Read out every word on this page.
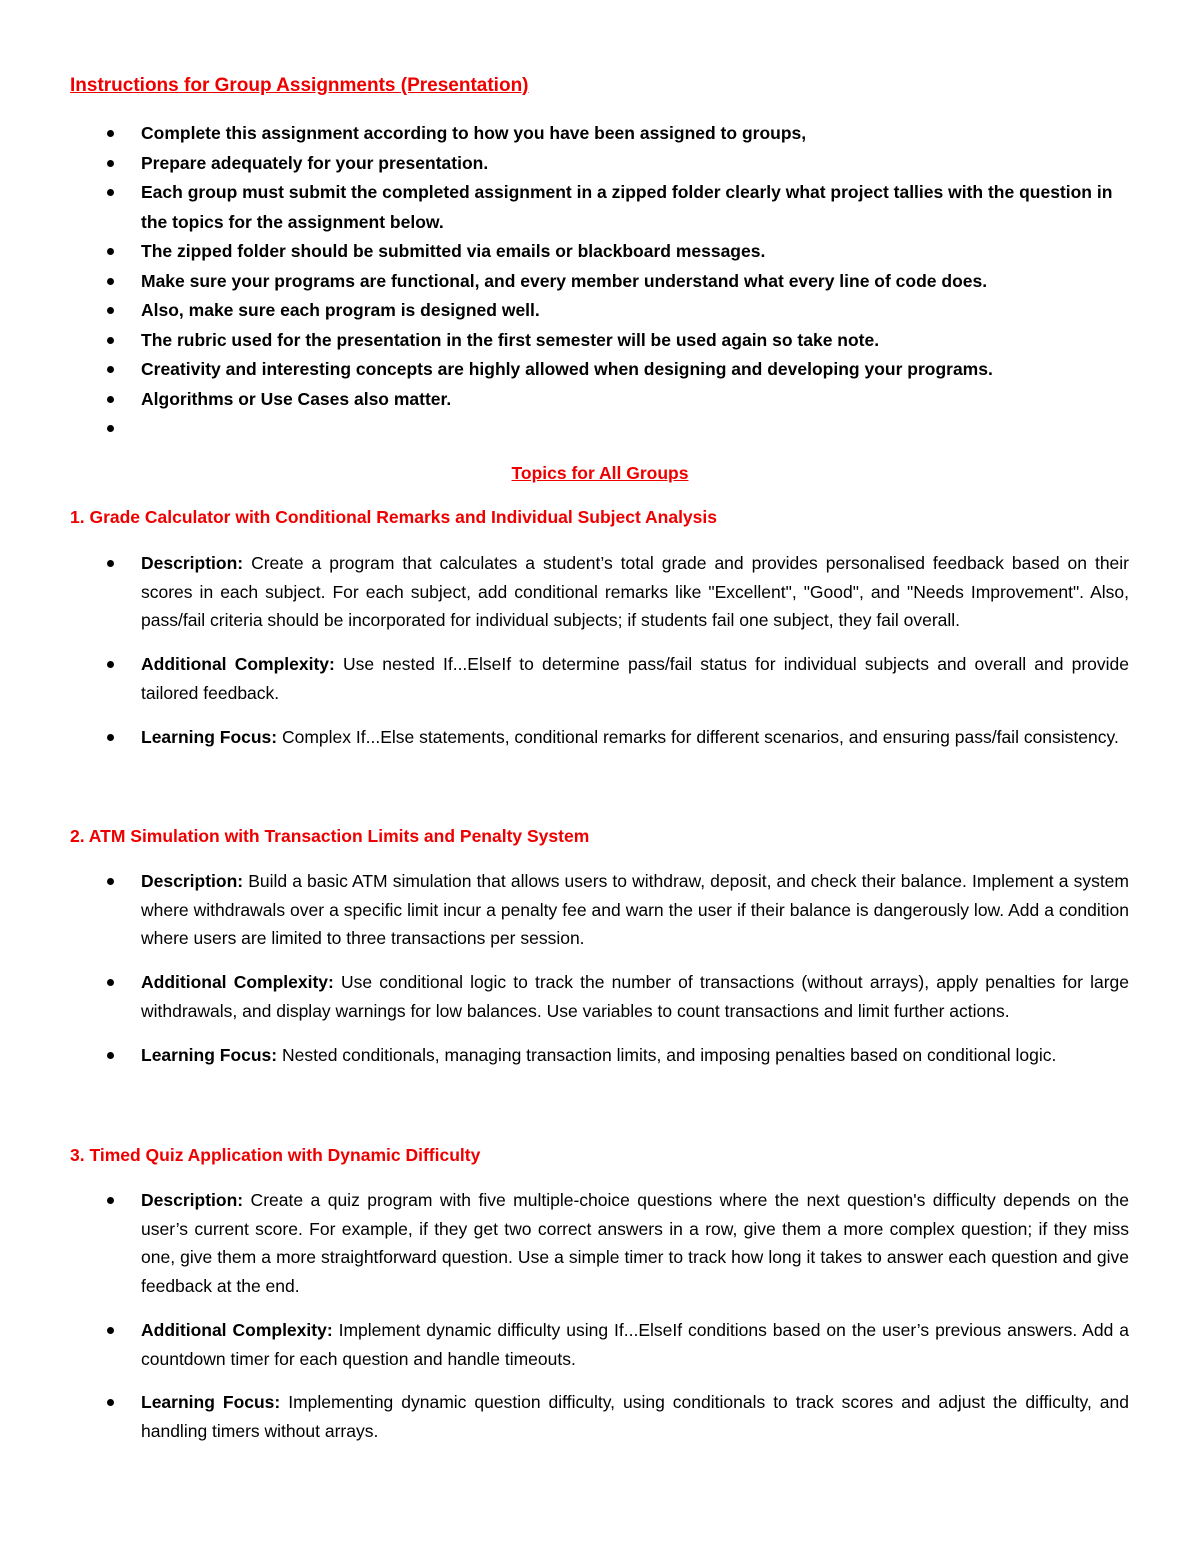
Instructions for Group Assignments (Presentation)
Complete this assignment according to how you have been assigned to groups,
Prepare adequately for your presentation.
Each group must submit the completed assignment in a zipped folder clearly what project tallies with the question in the topics for the assignment below.
The zipped folder should be submitted via emails or blackboard messages.
Make sure your programs are functional, and every member understand what every line of code does.
Also, make sure each program is designed well.
The rubric used for the presentation in the first semester will be used again so take note.
Creativity and interesting concepts are highly allowed when designing and developing your programs.
Algorithms or Use Cases also matter.
Topics for All Groups
1. Grade Calculator with Conditional Remarks and Individual Subject Analysis
Description: Create a program that calculates a student’s total grade and provides personalised feedback based on their scores in each subject. For each subject, add conditional remarks like "Excellent", "Good", and "Needs Improvement". Also, pass/fail criteria should be incorporated for individual subjects; if students fail one subject, they fail overall.
Additional Complexity: Use nested If...ElseIf to determine pass/fail status for individual subjects and overall and provide tailored feedback.
Learning Focus: Complex If...Else statements, conditional remarks for different scenarios, and ensuring pass/fail consistency.
2. ATM Simulation with Transaction Limits and Penalty System
Description: Build a basic ATM simulation that allows users to withdraw, deposit, and check their balance. Implement a system where withdrawals over a specific limit incur a penalty fee and warn the user if their balance is dangerously low. Add a condition where users are limited to three transactions per session.
Additional Complexity: Use conditional logic to track the number of transactions (without arrays), apply penalties for large withdrawals, and display warnings for low balances. Use variables to count transactions and limit further actions.
Learning Focus: Nested conditionals, managing transaction limits, and imposing penalties based on conditional logic.
3. Timed Quiz Application with Dynamic Difficulty
Description: Create a quiz program with five multiple-choice questions where the next question's difficulty depends on the user’s current score. For example, if they get two correct answers in a row, give them a more complex question; if they miss one, give them a more straightforward question. Use a simple timer to track how long it takes to answer each question and give feedback at the end.
Additional Complexity: Implement dynamic difficulty using If...ElseIf conditions based on the user’s previous answers. Add a countdown timer for each question and handle timeouts.
Learning Focus: Implementing dynamic question difficulty, using conditionals to track scores and adjust the difficulty, and handling timers without arrays.
